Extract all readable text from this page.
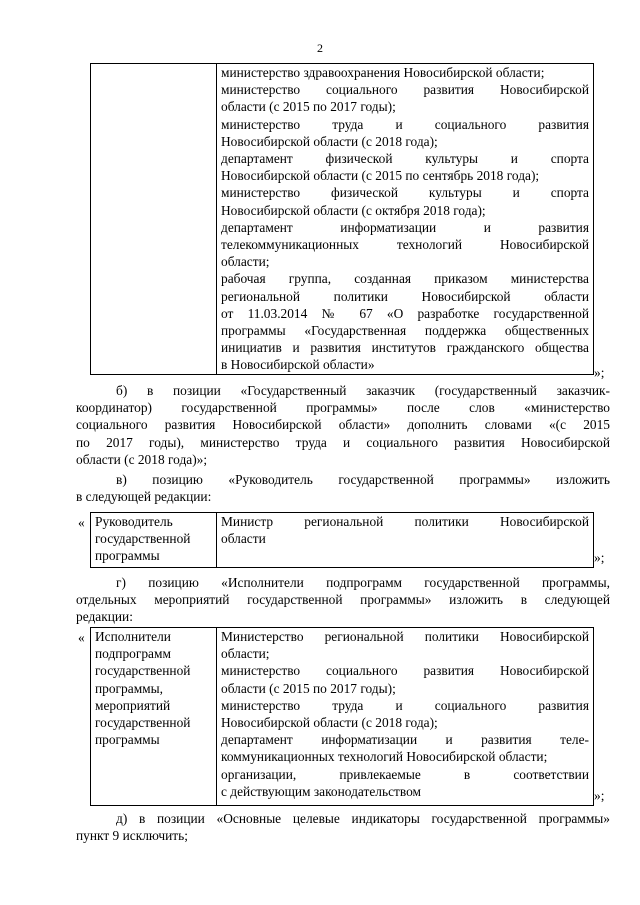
2

министерство здравоохранения Новосибирской области;
министерство социального развития Новосибирской
области (с 2015 по 2017 годы);
министерство труда и социального развития
Новосибирской области (с 2018 года);
департамент физической культуры и спорта
Новосибирской области (с 2015 по сентябрь 2018 года);
министерство физической культуры и спорта
Новосибирской области (с октября 2018 года);
департамент информатизации и развития
телекоммуникационных технологий Новосибирской
области;
рабочая группа, созданная приказом министерства
региональной политики Новосибирской области
от 11.03.2014 № 67 «О разработке государственной
программы «Государственная поддержка общественных
инициатив и развития институтов гражданского общества
в Новосибирской области»
»;
б) в позиции «Государственный заказчик (государственный заказчик-
координатор) государственной программы» после слов «министерство
социального развития Новосибирской области» дополнить словами «(с 2015
по 2017 годы), министерство труда и социального развития Новосибирской
области (с 2018 года)»;
в) позицию «Руководитель государственной программы» изложить
в следующей редакции:
« Руководитель
государственной
программы

Министр региональной политики Новосибирской
области
»;
г) позицию «Исполнители подпрограмм государственной программы,
отдельных мероприятий государственной программы» изложить в следующей
редакции:
« Исполнители
подпрограмм
государственной
программы,
мероприятий
государственной
программы

Министерство региональной политики Новосибирской
области;
министерство социального развития Новосибирской
области (с 2015 по 2017 годы);
министерство труда и социального развития
Новосибирской области (с 2018 года);
департамент информатизации и развития теле-
коммуникационных технологий Новосибирской области;
организации, привлекаемые в соответствии
с действующим законодательством	»;
д) в позиции «Основные целевые индикаторы государственной программы»
пункт 9 исключить;
